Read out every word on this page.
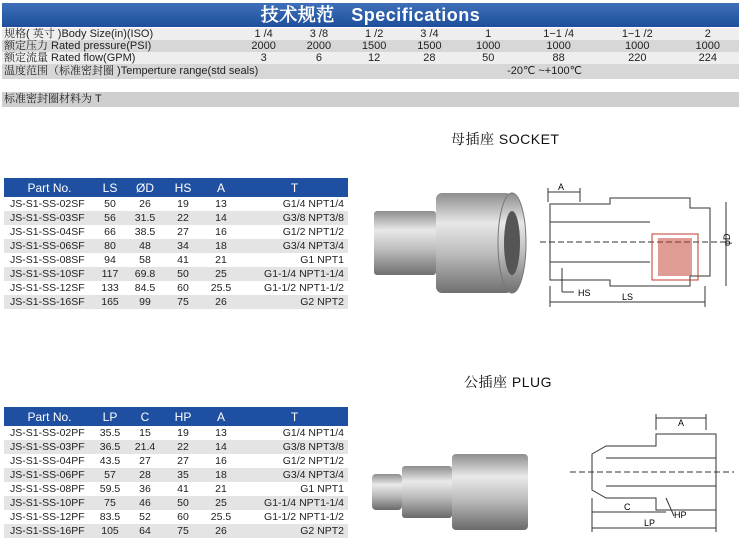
技术规范 Specifications
规格( 英寸 )Body Size(in)(ISO)	1 /4	3 /8	1 /2	3 /4	1	1−1 /4	1−1 /2	2
额定压力 Rated pressure(PSI)	2000	2000	1500	1500	1000	1000	1000	1000
额定流量 Rated flow(GPM)	3	6	12	28	50	88	220	224
温度范围（标准密封圈 )Temperture range(std seals)					-20℃ ~+100℃			
标准密封圈材料为 T
母插座 SOCKET
Part No.	LS	ØD	HS	A	T
JS-S1-SS-02SF	50	26	19	13	G1/4 NPT1/4
JS-S1-SS-03SF	56	31.5	22	14	G3/8 NPT3/8
JS-S1-SS-04SF	66	38.5	27	16	G1/2 NPT1/2
JS-S1-SS-06SF	80	48	34	18	G3/4 NPT3/4
JS-S1-SS-08SF	94	58	41	21	G1 NPT1
JS-S1-SS-10SF	117	69.8	50	25	G1-1/4 NPT1-1/4
JS-S1-SS-12SF	133	84.5	60	25.5	G1-1/2 NPT1-1/2
JS-S1-SS-16SF	165	99	75	26	G2 NPT2
A
HS	LS
φD
公插座 PLUG
Part No.	LP	C	HP	A	T
JS-S1-SS-02PF	35.5	15	19	13	G1/4 NPT1/4
JS-S1-SS-03PF	36.5	21.4	22	14	G3/8 NPT3/8
JS-S1-SS-04PF	43.5	27	27	16	G1/2 NPT1/2
JS-S1-SS-06PF	57	28	35	18	G3/4 NPT3/4
JS-S1-SS-08PF	59.5	36	41	21	G1 NPT1
JS-S1-SS-10PF	75	46	50	25	G1-1/4 NPT1-1/4
JS-S1-SS-12PF	83.5	52	60	25.5	G1-1/2 NPT1-1/2
JS-S1-SS-16PF	105	64	75	26	G2 NPT2
A
C
HP
LP
